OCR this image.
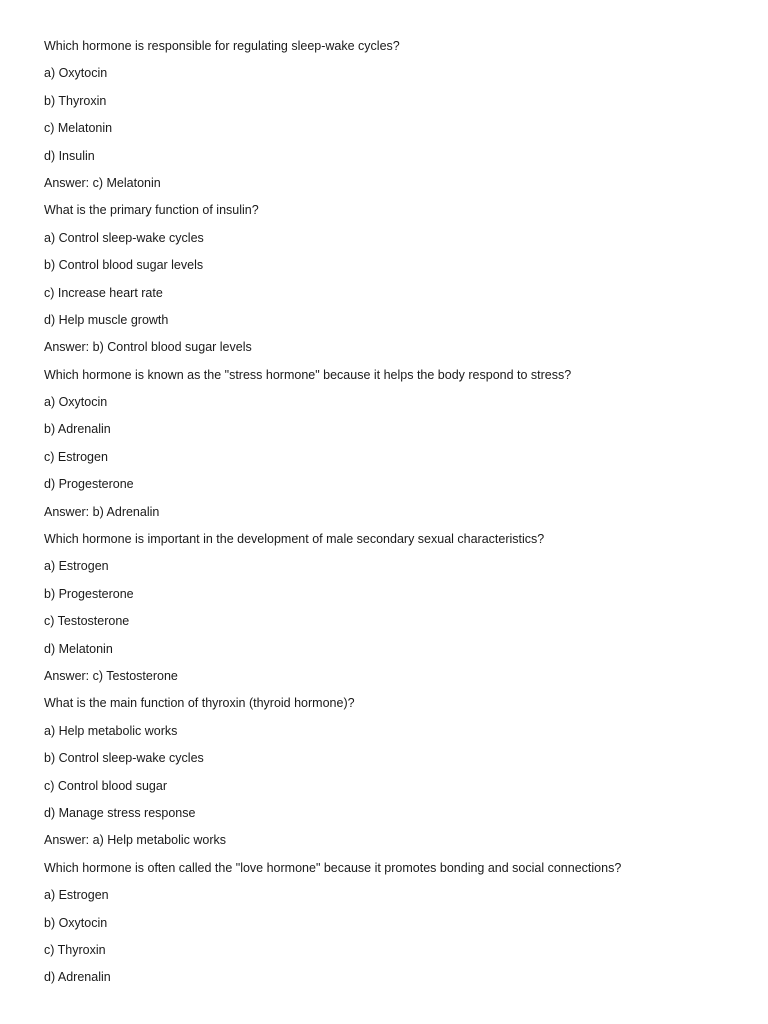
Which hormone is responsible for regulating sleep-wake cycles?
a) Oxytocin
b) Thyroxin
c) Melatonin
d) Insulin
Answer: c) Melatonin
What is the primary function of insulin?
a) Control sleep-wake cycles
b) Control blood sugar levels
c) Increase heart rate
d) Help muscle growth
Answer: b) Control blood sugar levels
Which hormone is known as the "stress hormone" because it helps the body respond to stress?
a) Oxytocin
b) Adrenalin
c) Estrogen
d) Progesterone
Answer: b) Adrenalin
Which hormone is important in the development of male secondary sexual characteristics?
a) Estrogen
b) Progesterone
c) Testosterone
d) Melatonin
Answer: c) Testosterone
What is the main function of thyroxin (thyroid hormone)?
a) Help metabolic works
b) Control sleep-wake cycles
c) Control blood sugar
d) Manage stress response
Answer: a) Help metabolic works
Which hormone is often called the "love hormone" because it promotes bonding and social connections?
a) Estrogen
b) Oxytocin
c) Thyroxin
d) Adrenalin
